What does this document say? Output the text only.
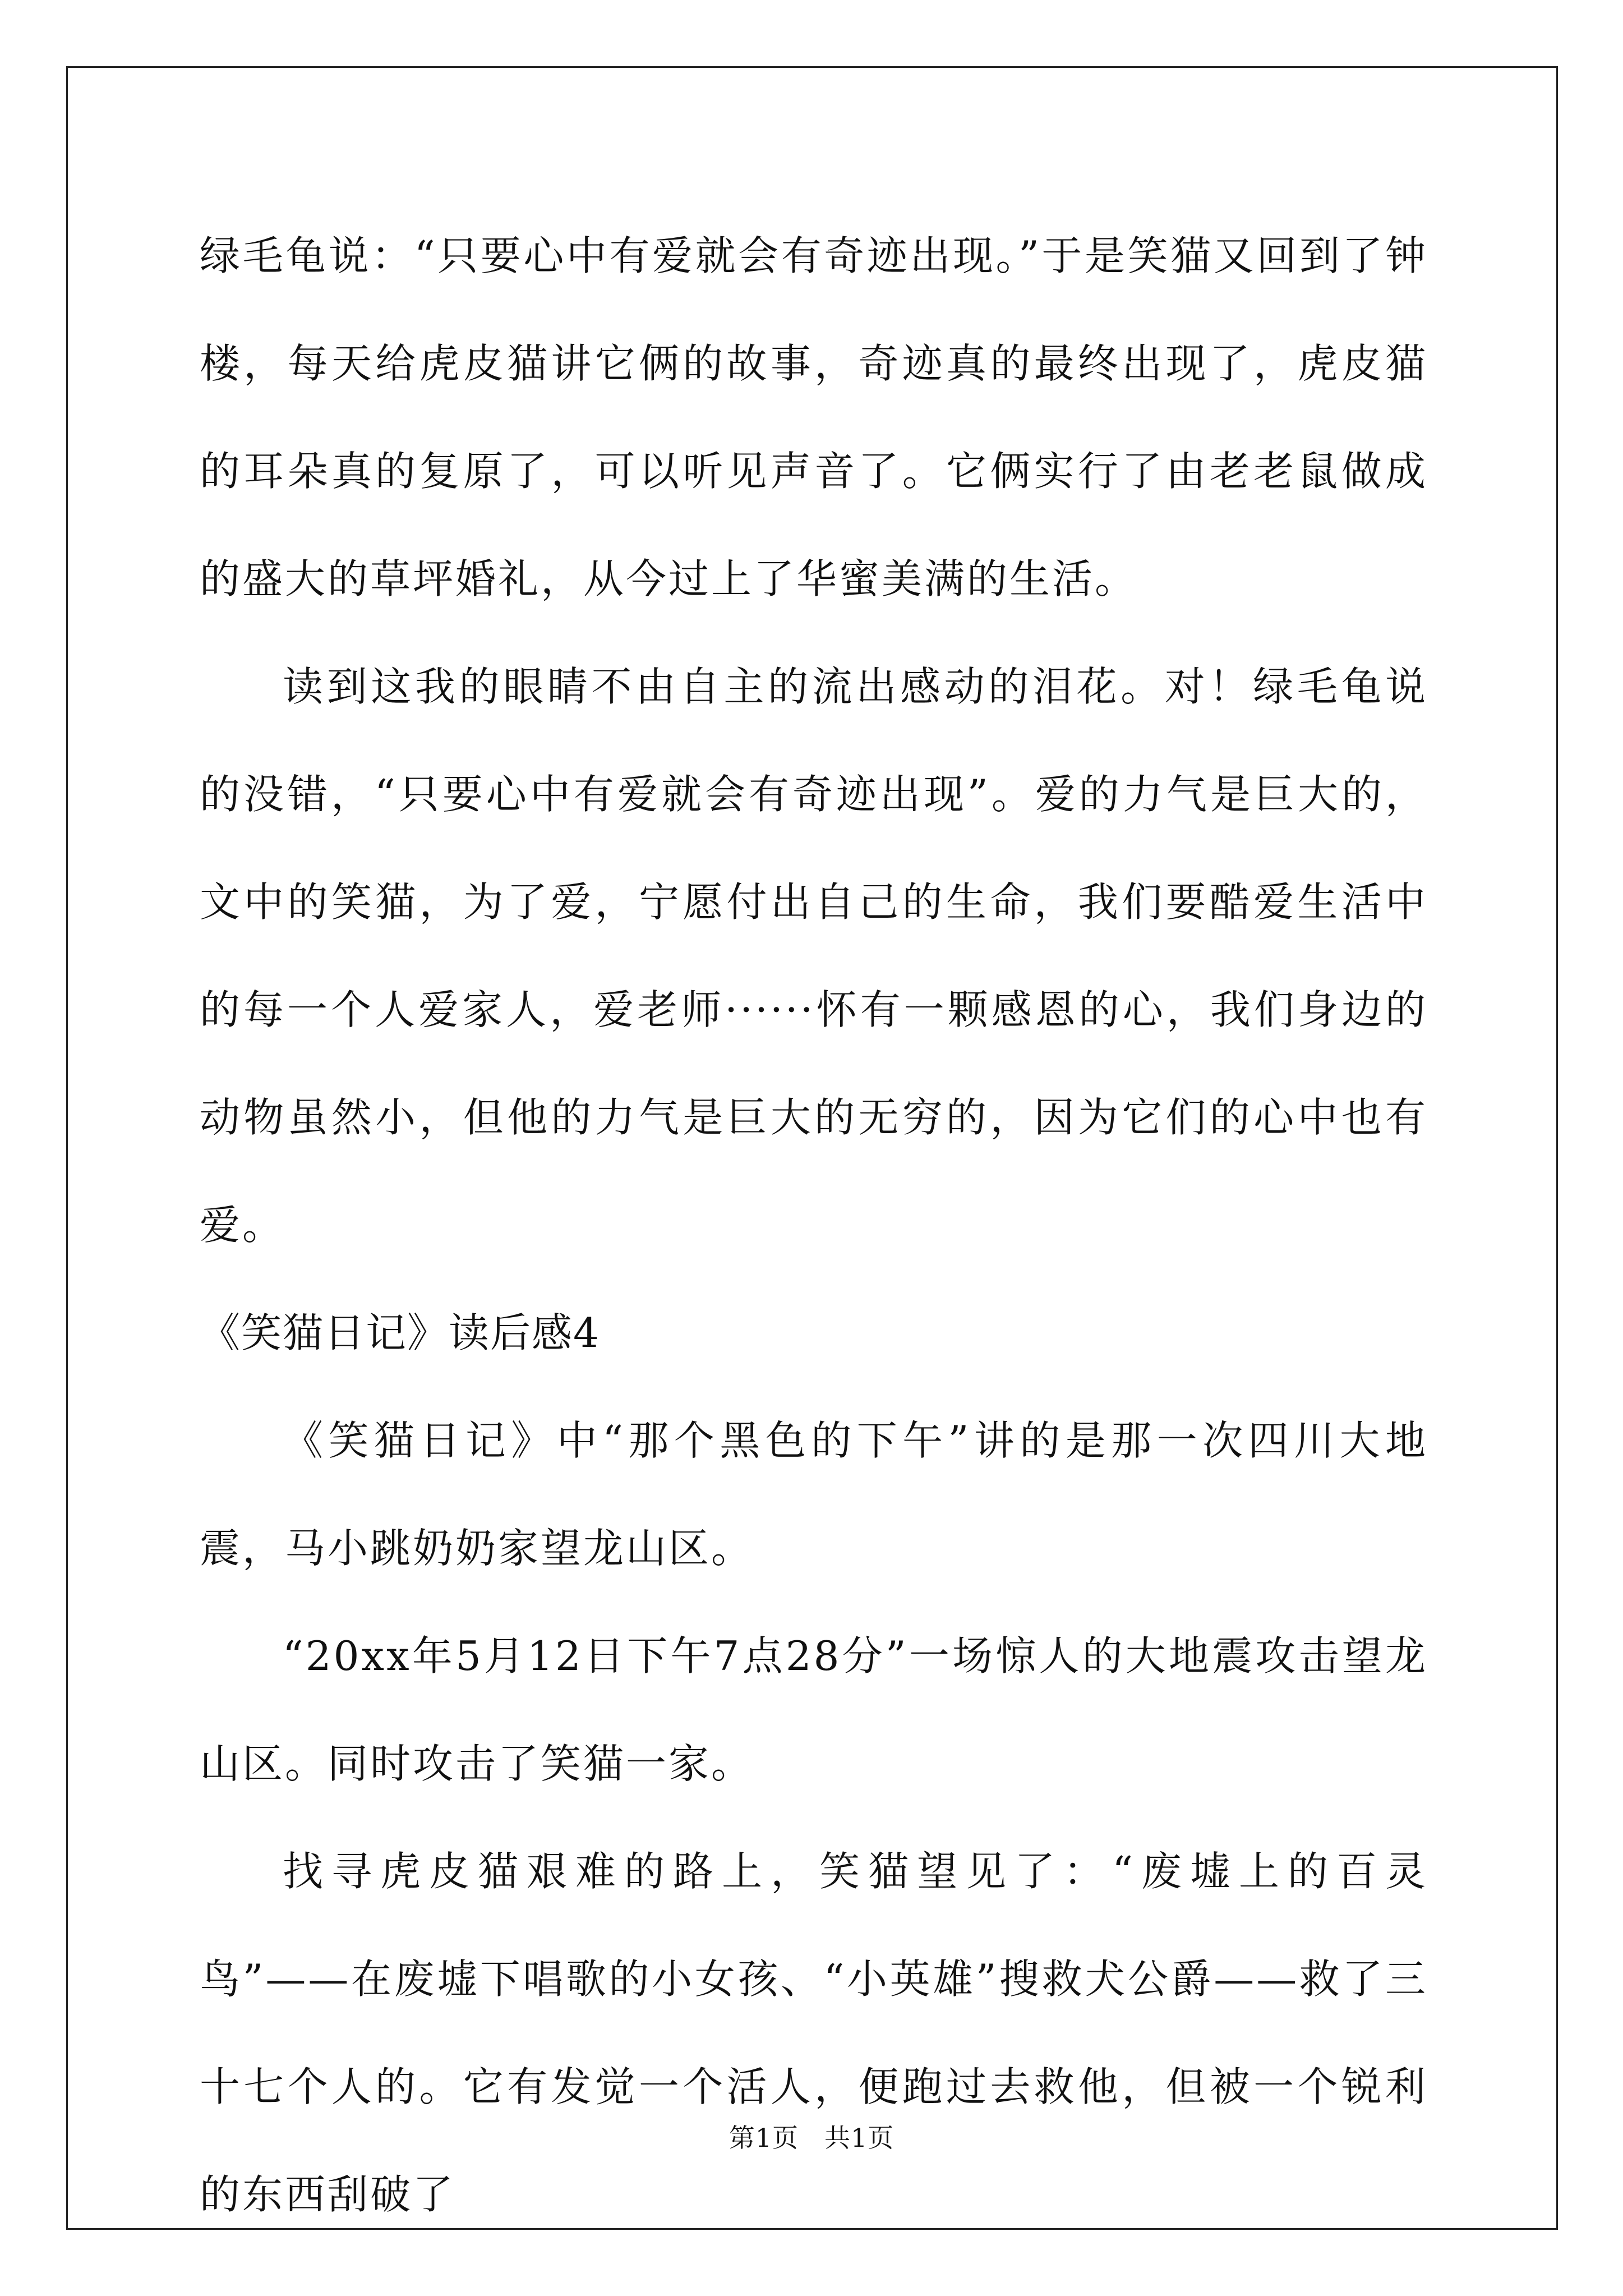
绿毛龟说：“只要心中有爱就会有奇迹出现。”于是笑猫又回到了钟楼，每天给虎皮猫讲它俩的故事，奇迹真的最终出现了，虎皮猫的耳朵真的复原了，可以听见声音了。它俩实行了由老老鼠做成的盛大的草坪婚礼，从今过上了华蜜美满的生活。

读到这我的眼睛不由自主的流出感动的泪花。对！绿毛龟说的没错，“只要心中有爱就会有奇迹出现”。爱的力气是巨大的，文中的笑猫，为了爱，宁愿付出自己的生命，我们要酷爱生活中的每一个人爱家人，爱老师······怀有一颗感恩的心，我们身边的动物虽然小，但他的力气是巨大的无穷的，因为它们的心中也有爱。

《笑猫日记》读后感4

《笑猫日记》中“那个黑色的下午”讲的是那一次四川大地震，马小跳奶奶家望龙山区。

“20xx年5月12日下午7点28分”一场惊人的大地震攻击望龙山区。同时攻击了笑猫一家。

找寻虎皮猫艰难的路上，笑猫望见了：“废墟上的百灵鸟”——在废墟下唱歌的小女孩、“小英雄”搜救犬公爵——救了三十七个人的。它有发觉一个活人，便跑过去救他，但被一个锐利的东西刮破了

第1页 共1页
